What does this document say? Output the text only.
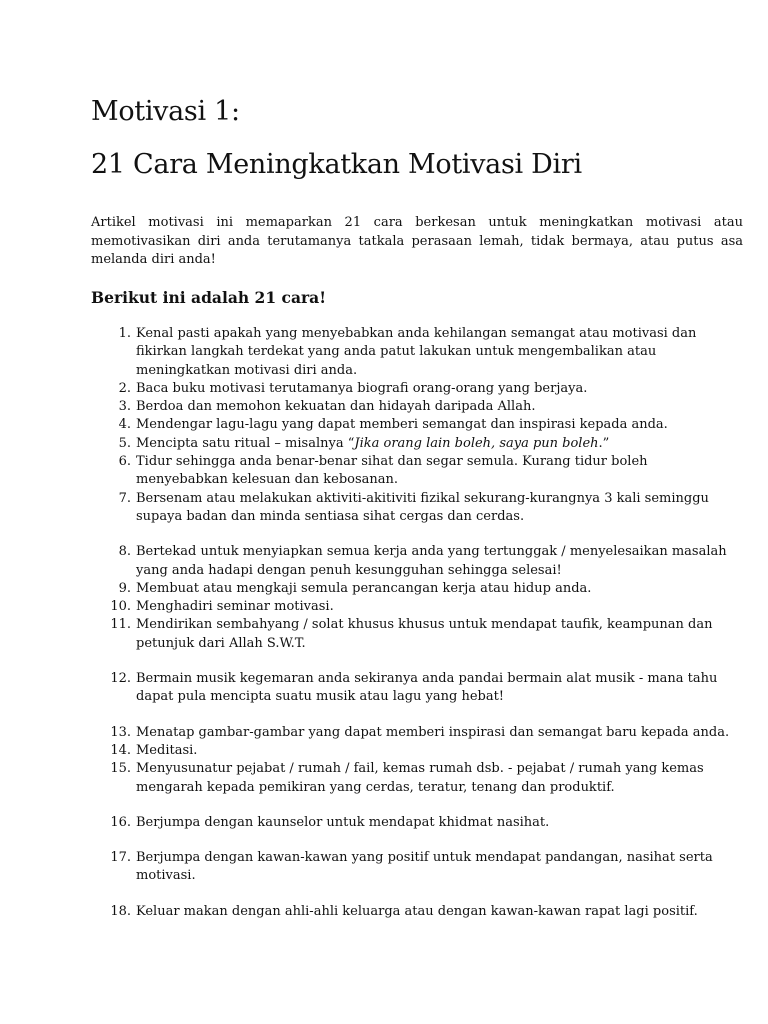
Motivasi 1:
21 Cara Meningkatkan Motivasi Diri

Artikel motivasi ini memaparkan 21 cara berkesan untuk meningkatkan motivasi atau memotivasikan diri anda terutamanya tatkala perasaan lemah, tidak bermaya, atau putus asa melanda diri anda!

Berikut ini adalah 21 cara!
1. Kenal pasti apakah yang menyebabkan anda kehilangan semangat atau motivasi dan fikirkan langkah terdekat yang anda patut lakukan untuk mengembalikan atau meningkatkan motivasi diri anda.
2. Baca buku motivasi terutamanya biografi orang-orang yang berjaya.
3. Berdoa dan memohon kekuatan dan hidayah daripada Allah.
4. Mendengar lagu-lagu yang dapat memberi semangat dan inspirasi kepada anda.
5. Mencipta satu ritual – misalnya “Jika orang lain boleh, saya pun boleh.”
6. Tidur sehingga anda benar-benar sihat dan segar semula. Kurang tidur boleh menyebabkan kelesuan dan kebosanan.
7. Bersenam atau melakukan aktiviti-akitiviti fizikal sekurang-kurangnya 3 kali seminggu supaya badan dan minda sentiasa sihat cergas dan cerdas.
8. Bertekad untuk menyiapkan semua kerja anda yang tertunggak / menyelesaikan masalah yang anda hadapi dengan penuh kesungguhan sehingga selesai!
9. Membuat atau mengkaji semula perancangan kerja atau hidup anda.
10. Menghadiri seminar motivasi.
11. Mendirikan sembahyang / solat khusus khusus untuk mendapat taufik, keampunan dan petunjuk dari Allah S.W.T.
12. Bermain musik kegemaran anda sekiranya anda pandai bermain alat musik - mana tahu dapat pula mencipta suatu musik atau lagu yang hebat!
13. Menatap gambar-gambar yang dapat memberi inspirasi dan semangat baru kepada anda.
14. Meditasi.
15. Menyusunatur pejabat / rumah / fail, kemas rumah dsb. - pejabat / rumah yang kemas mengarah kepada pemikiran yang cerdas, teratur, tenang dan produktif.
16. Berjumpa dengan kaunselor untuk mendapat khidmat nasihat.
17. Berjumpa dengan kawan-kawan yang positif untuk mendapat pandangan, nasihat serta motivasi.
18. Keluar makan dengan ahli-ahli keluarga atau dengan kawan-kawan rapat lagi positif.
